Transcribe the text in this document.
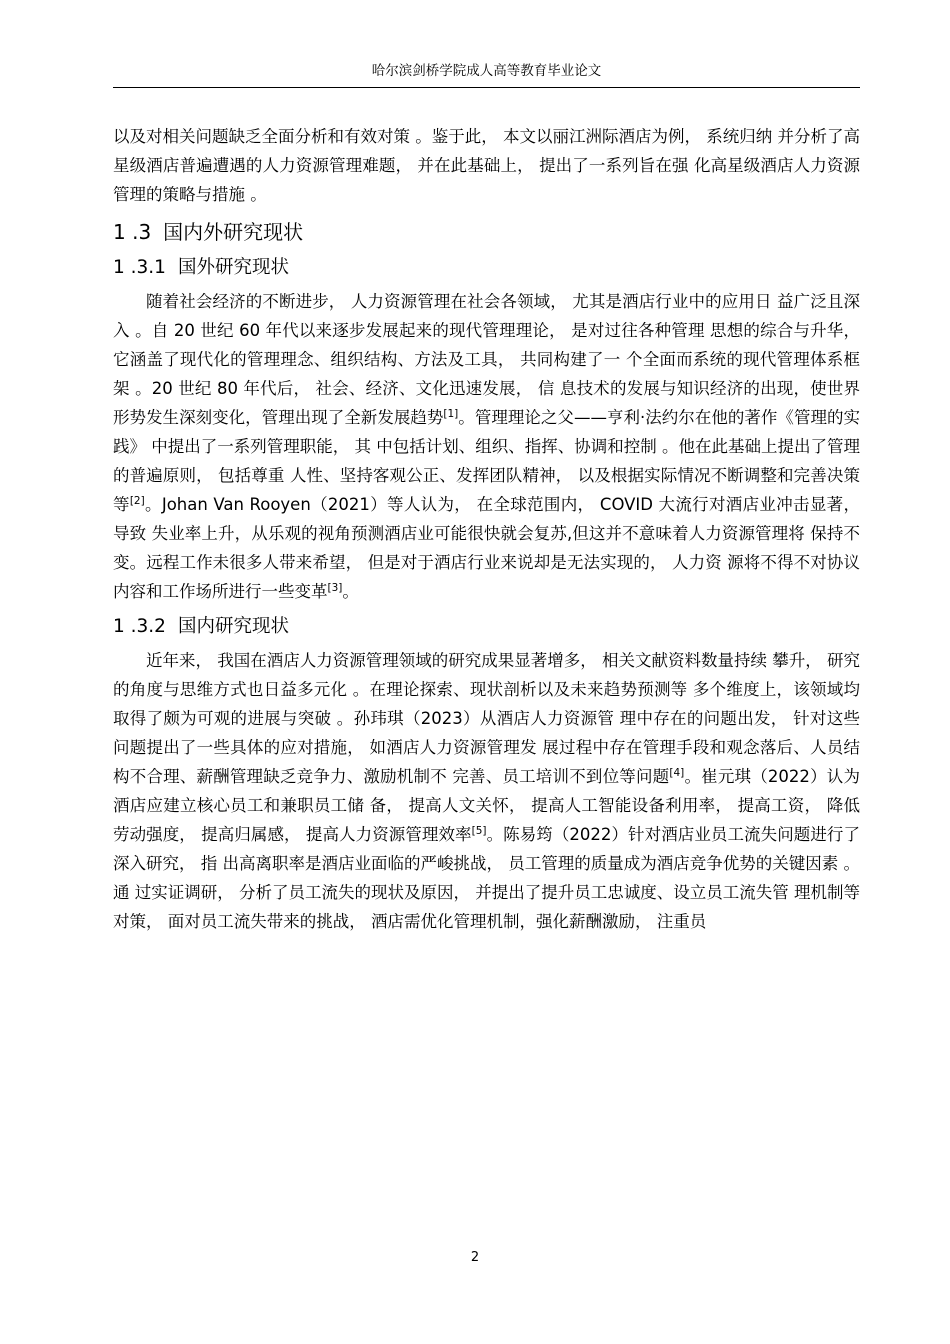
哈尔滨剑桥学院成人高等教育毕业论文

以及对相关问题缺乏全面分析和有效对策 。鉴于此， 本文以丽江洲际酒店为例， 系统归纳 并分析了高星级酒店普遍遭遇的人力资源管理难题， 并在此基础上， 提出了一系列旨在强 化高星级酒店人力资源管理的策略与措施 。

1 .3 国内外研究现状
1 .3.1 国外研究现状

随着社会经济的不断进步， 人力资源管理在社会各领域， 尤其是酒店行业中的应用日 益广泛且深入 。自 20 世纪 60 年代以来逐步发展起来的现代管理理论， 是对过往各种管理 思想的综合与升华， 它涵盖了现代化的管理理念、组织结构、方法及工具， 共同构建了一 个全面而系统的现代管理体系框架 。20 世纪 80 年代后， 社会、经济、文化迅速发展， 信 息技术的发展与知识经济的出现，使世界形势发生深刻变化，管理出现了全新发展趋势[1]。管理理论之父——亨利·法约尔在他的著作《管理的实践》 中提出了一系列管理职能， 其 中包括计划、组织、指挥、协调和控制 。他在此基础上提出了管理的普遍原则， 包括尊重 人性、坚持客观公正、发挥团队精神， 以及根据实际情况不断调整和完善决策等[2]。Johan Van Rooyen（2021）等人认为， 在全球范围内， COVID 大流行对酒店业冲击显著， 导致 失业率上升，从乐观的视角预测酒店业可能很快就会复苏,但这并不意味着人力资源管理将 保持不变。远程工作未很多人带来希望， 但是对于酒店行业来说却是无法实现的， 人力资 源将不得不对协议内容和工作场所进行一些变革[3]。

1 .3.2 国内研究现状

近年来， 我国在酒店人力资源管理领域的研究成果显著增多， 相关文献资料数量持续 攀升， 研究的角度与思维方式也日益多元化 。在理论探索、现状剖析以及未来趋势预测等 多个维度上，该领域均取得了颇为可观的进展与突破 。孙玮琪（2023）从酒店人力资源管 理中存在的问题出发， 针对这些问题提出了一些具体的应对措施， 如酒店人力资源管理发 展过程中存在管理手段和观念落后、人员结构不合理、薪酬管理缺乏竞争力、激励机制不 完善、员工培训不到位等问题[4]。崔元琪（2022）认为酒店应建立核心员工和兼职员工储 备， 提高人文关怀， 提高人工智能设备利用率， 提高工资， 降低劳动强度， 提高归属感， 提高人力资源管理效率[5]。陈易筠（2022）针对酒店业员工流失问题进行了深入研究， 指 出高离职率是酒店业面临的严峻挑战， 员工管理的质量成为酒店竞争优势的关键因素 。通 过实证调研， 分析了员工流失的现状及原因， 并提出了提升员工忠诚度、设立员工流失管 理机制等对策， 面对员工流失带来的挑战， 酒店需优化管理机制，强化薪酬激励， 注重员

2
